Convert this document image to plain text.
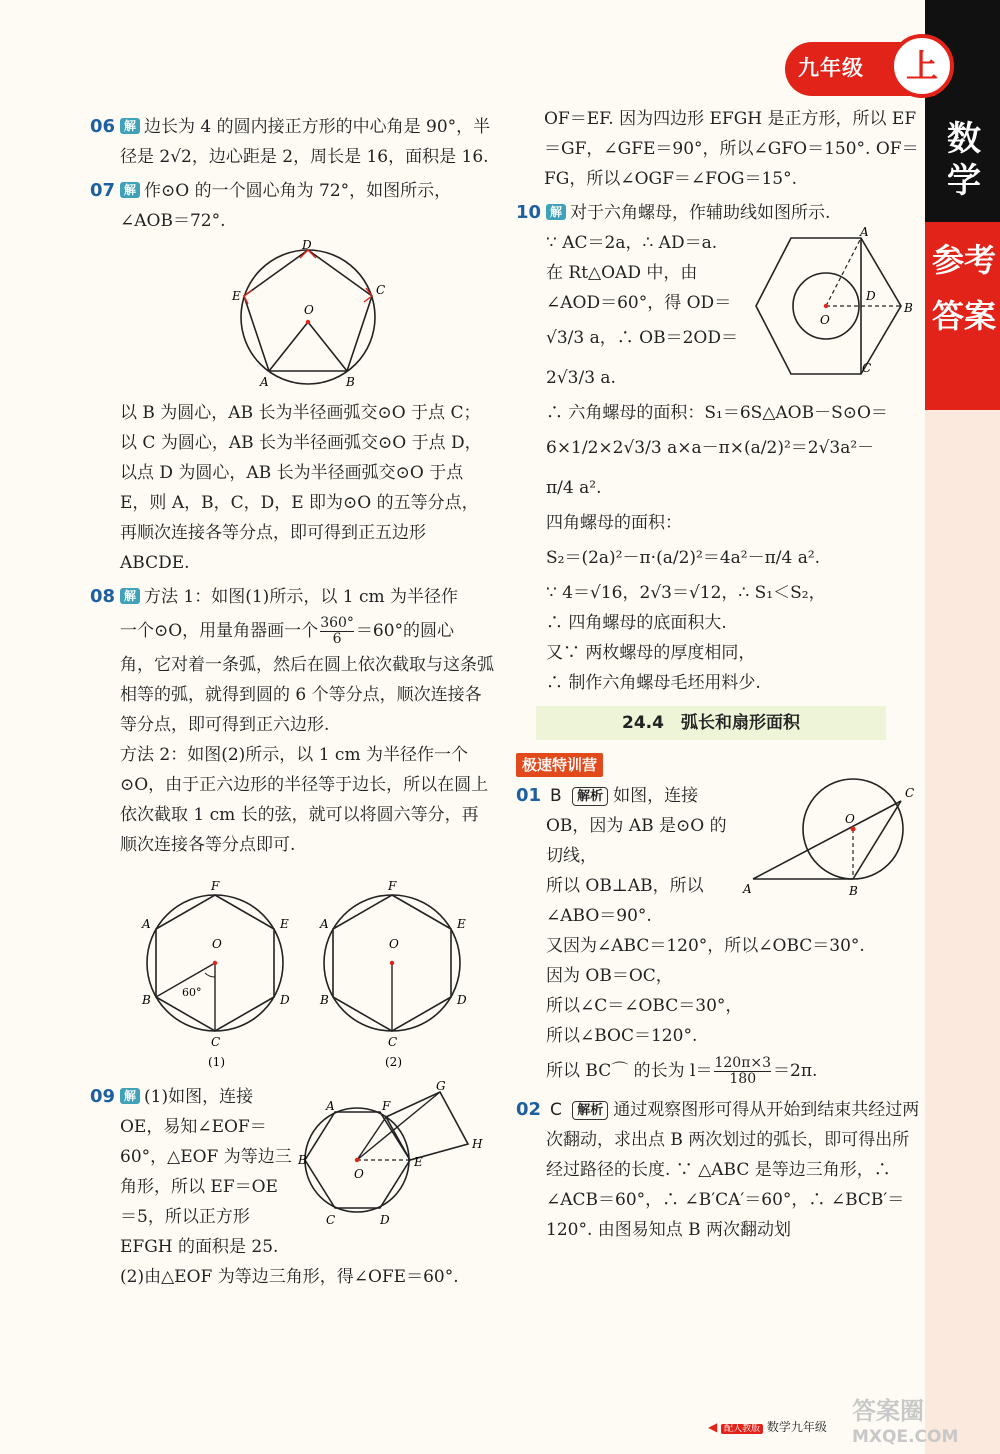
九年级	上
数学
参考答案
06 解 边长为 4 的圆内接正方形的中心角是 90°，半径是 2√2，边心距是 2，周长是 16，面积是 16.
07 解 作⊙O 的一个圆心角为 72°，如图所示，∠AOB＝72°.
D
E	C
O
A	B

以 B 为圆心，AB 长为半径画弧交⊙O 于点 C；以 C 为圆心，AB 长为半径画弧交⊙O 于点 D，以点 D 为圆心，AB 长为半径画弧交⊙O 于点 E，则 A，B，C，D，E 即为⊙O 的五等分点，再顺次连接各等分点，即可得到正五边形ABCDE.

08 解 方法 1：如图(1)所示，以 1 cm 为半径作

一个⊙O，用量角器画一个 $\frac{360^\circ}{6} =60^\circ$的圆心

角，它对着一条弧，然后在圆上依次截取与这条弧相等的弧，就得到圆的 6 个等分点，顺次连接各等分点，即可得到正六边形.

方法 2：如图(2)所示，以 1 cm 为半径作一个⊙O，由于正六边形的半径等于边长，所以在圆上依次截取 1 cm 长的弦，就可以将圆六等分，再顺次连接各等分点即可.

F
A	E
O
B	D
C
60°
(1)
F
A	E
O
B	D
C
(2)
09	G
A	F
H
B
O
E
C	D
解 (1)如图，连接 OE，易知∠EOF＝60°，△EOF 为等边三角形，所以 EF＝OE＝5，所以正方形 EFGH 的面积是 25.

(2)由△EOF 为等边三角形，得∠OFE＝60°.

OF＝EF. 因为四边形 EFGH 是正方形，所以 EF＝GF，∠GFE＝90°，所以∠GFO＝150°. OF＝FG，所以∠OGF＝∠FOG＝15°.

10 解 对于六角螺母，作辅助线如图所示.
A
D
B
O
C

∵ AC＝2a，∴ AD＝a.

在 Rt△OAD 中，由 ∠AOD＝60°，得 OD＝

√3/3 a，∴ OB＝2OD＝

2√3/3 a.

∴ 六角螺母的面积：S₁＝6S△AOB－S⊙O＝

6×1/2×2√3/3 a×a－π×(a/2)²＝2√3a²－

π/4 a².

四角螺母的面积：

S₂＝(2a)²－π·(a/2)²＝4a²－π/4 a².

∵ 4＝√16，2√3＝√12，∴ S₁＜S₂，

∴ 四角螺母的底面积大.

又∵ 两枚螺母的厚度相同，

∴ 制作六角螺母毛坯用料少.

24.4　弧长和扇形面积
极速特训营
01	C
O
A	B
B 解析 如图，连接 OB，因为 AB 是⊙O 的切线，

所以 OB⊥AB，所以 ∠ABO＝90°.

又因为∠ABC＝120°，所以∠OBC＝30°.

因为 OB＝OC，

所以∠C＝∠OBC＝30°，

所以∠BOC＝120°.

所以 BC⌒ 的长为 $l= \frac{120\pi\times 3}{180} =2\pi$.

02 C 解析 通过观察图形可得从开始到结束共经过两次翻动，求出点 B 两次划过的弧长，即可得出所经过路径的长度. ∵ △ABC 是等边三角形，∴ ∠ACB＝60°，∴ ∠B′CA′＝60°，∴ ∠BCB′＝120°. 由图易知点 B 两次翻动划
◀ 配人教版 数学九年级
答案圈
MXQE.COM
